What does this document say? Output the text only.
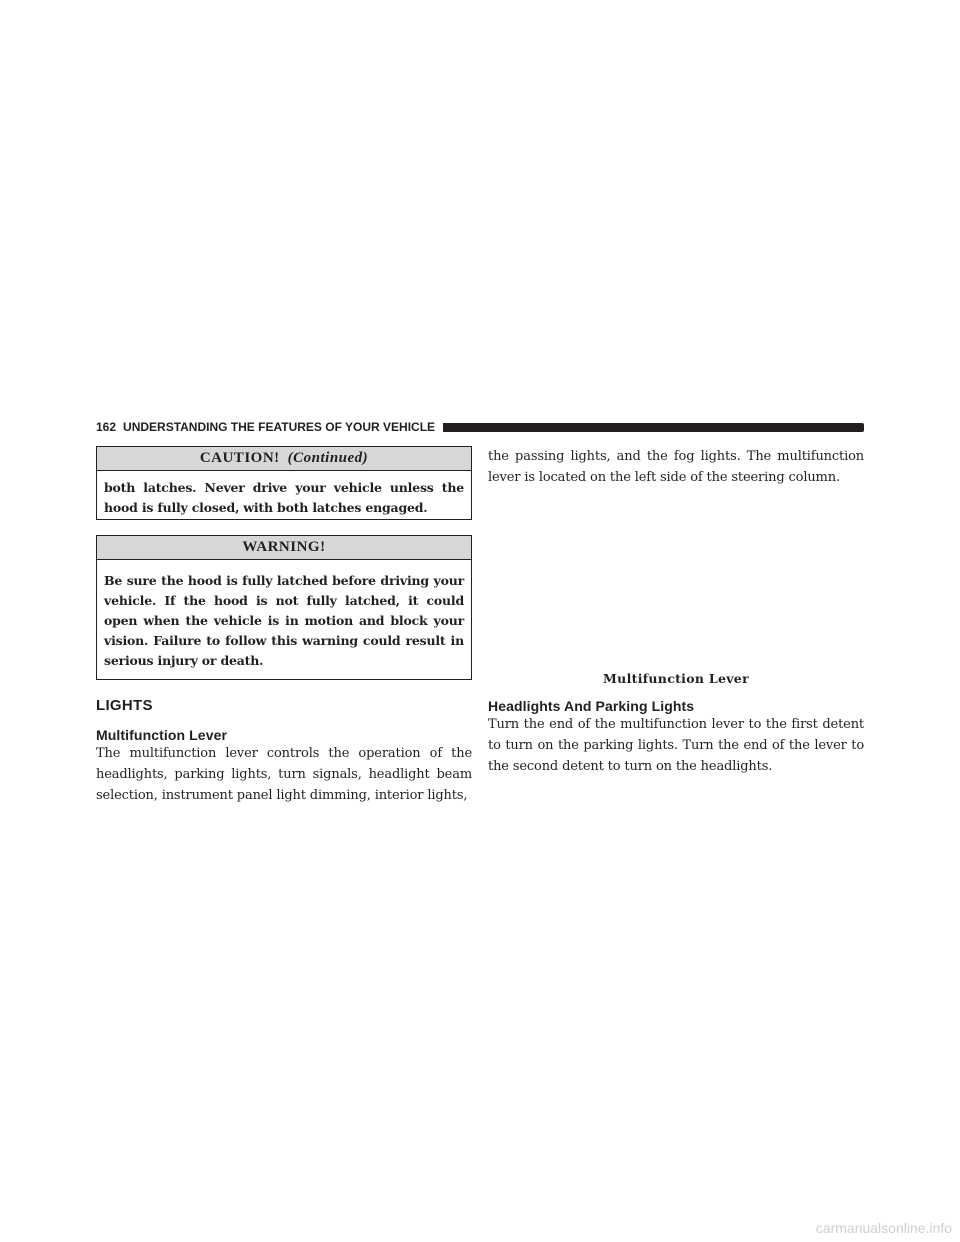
162 UNDERSTANDING THE FEATURES OF YOUR VEHICLE
CAUTION! (Continued)
both latches. Never drive your vehicle unless the hood is fully closed, with both latches engaged.
WARNING!
Be sure the hood is fully latched before driving your vehicle. If the hood is not fully latched, it could open when the vehicle is in motion and block your vision. Failure to follow this warning could result in serious injury or death.
LIGHTS
Multifunction Lever

The multifunction lever controls the operation of the headlights, parking lights, turn signals, headlight beam selection, instrument panel light dimming, interior lights,

the passing lights, and the fog lights. The multifunction lever is located on the left side of the steering column.

Multifunction Lever
Headlights And Parking Lights

Turn the end of the multifunction lever to the first detent to turn on the parking lights. Turn the end of the lever to the second detent to turn on the headlights.

carmanualsonline.info
